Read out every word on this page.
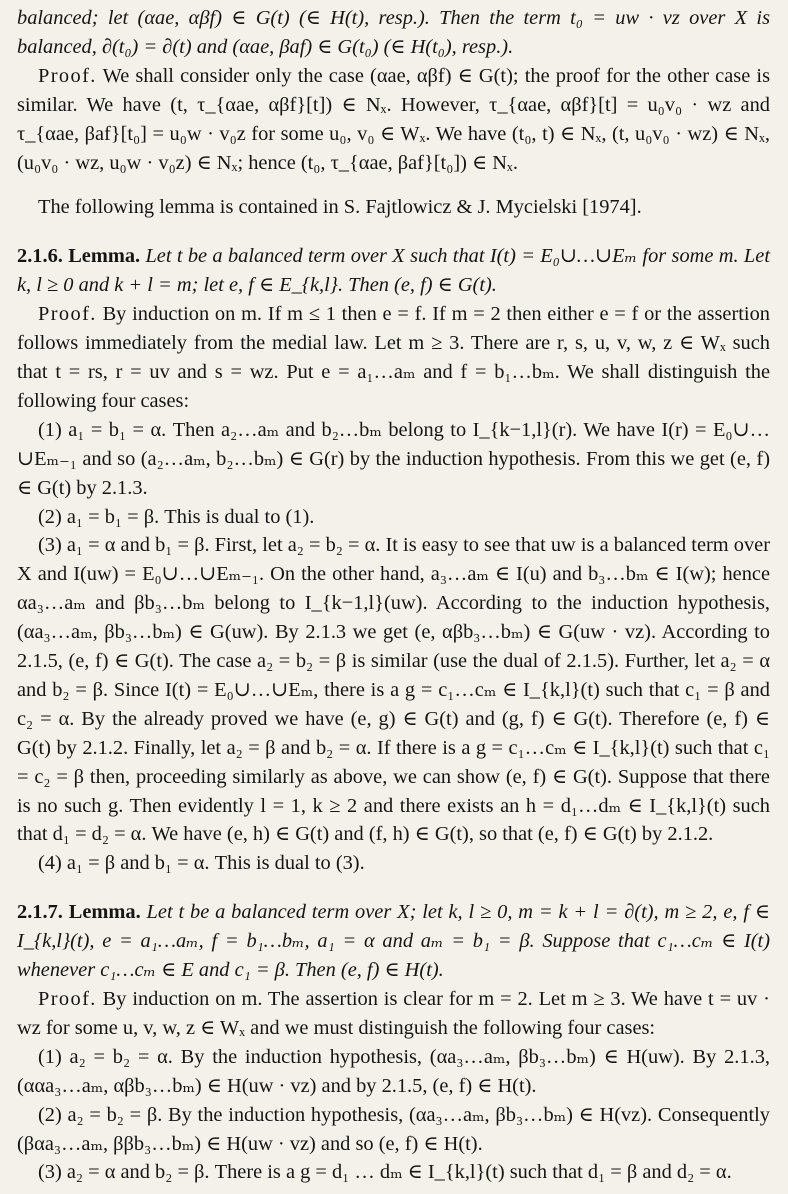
balanced; let (αae, αβf) ∈ G(t) (∈ H(t), resp.). Then the term t₀ = uw · vz over X is balanced, ∂(t₀) = ∂(t) and (αae, βaf) ∈ G(t₀) (∈ H(t₀), resp.).

Proof. We shall consider only the case (αae, αβf) ∈ G(t); the proof for the other case is similar. We have (t, τ_{αae, αβf}[t]) ∈ Nₓ. However, τ_{αae, αβf}[t] = u₀v₀ · wz and τ_{αae, βaf}[t₀] = u₀w · v₀z for some u₀, v₀ ∈ Wₓ. We have (t₀, t) ∈ Nₓ, (t, u₀v₀ · wz) ∈ Nₓ, (u₀v₀ · wz, u₀w · v₀z) ∈ Nₓ; hence (t₀, τ_{αae, βaf}[t₀]) ∈ Nₓ.

The following lemma is contained in S. Fajtlowicz & J. Mycielski [1974].

2.1.6. Lemma. Let t be a balanced term over X such that I(t) = E₀∪…∪Eₘ for some m. Let k, l ≥ 0 and k + l = m; let e, f ∈ E_{k,l}. Then (e, f) ∈ G(t).

Proof. By induction on m. If m ≤ 1 then e = f. If m = 2 then either e = f or the assertion follows immediately from the medial law. Let m ≥ 3. There are r, s, u, v, w, z ∈ Wₓ such that t = rs, r = uv and s = wz. Put e = a₁…aₘ and f = b₁…bₘ. We shall distinguish the following four cases:

(1) a₁ = b₁ = α. Then a₂…aₘ and b₂…bₘ belong to I_{k−1,l}(r). We have I(r) = E₀∪…∪Eₘ₋₁ and so (a₂…aₘ, b₂…bₘ) ∈ G(r) by the induction hypothesis. From this we get (e, f) ∈ G(t) by 2.1.3.

(2) a₁ = b₁ = β. This is dual to (1).

(3) a₁ = α and b₁ = β. First, let a₂ = b₂ = α. It is easy to see that uw is a balanced term over X and I(uw) = E₀∪…∪Eₘ₋₁. On the other hand, a₃…aₘ ∈ I(u) and b₃…bₘ ∈ I(w); hence αa₃…aₘ and βb₃…bₘ belong to I_{k−1,l}(uw). According to the induction hypothesis, (αa₃…aₘ, βb₃…bₘ) ∈ G(uw). By 2.1.3 we get (e, αβb₃…bₘ) ∈ G(uw · vz). According to 2.1.5, (e, f) ∈ G(t). The case a₂ = b₂ = β is similar (use the dual of 2.1.5). Further, let a₂ = α and b₂ = β. Since I(t) = E₀∪…∪Eₘ, there is a g = c₁…cₘ ∈ I_{k,l}(t) such that c₁ = β and c₂ = α. By the already proved we have (e, g) ∈ G(t) and (g, f) ∈ G(t). Therefore (e, f) ∈ G(t) by 2.1.2. Finally, let a₂ = β and b₂ = α. If there is a g = c₁…cₘ ∈ I_{k,l}(t) such that c₁ = c₂ = β then, proceeding similarly as above, we can show (e, f) ∈ G(t). Suppose that there is no such g. Then evidently l = 1, k ≥ 2 and there exists an h = d₁…dₘ ∈ I_{k,l}(t) such that d₁ = d₂ = α. We have (e, h) ∈ G(t) and (f, h) ∈ G(t), so that (e, f) ∈ G(t) by 2.1.2.

(4) a₁ = β and b₁ = α. This is dual to (3).

2.1.7. Lemma. Let t be a balanced term over X; let k, l ≥ 0, m = k + l = ∂(t), m ≥ 2, e, f ∈ I_{k,l}(t), e = a₁…aₘ, f = b₁…bₘ, a₁ = α and aₘ = b₁ = β. Suppose that c₁…cₘ ∈ I(t) whenever c₁…cₘ ∈ E and c₁ = β. Then (e, f) ∈ H(t).

Proof. By induction on m. The assertion is clear for m = 2. Let m ≥ 3. We have t = uv · wz for some u, v, w, z ∈ Wₓ and we must distinguish the following four cases:

(1) a₂ = b₂ = α. By the induction hypothesis, (αa₃…aₘ, βb₃…bₘ) ∈ H(uw). By 2.1.3, (ααa₃…aₘ, αβb₃…bₘ) ∈ H(uw · vz) and by 2.1.5, (e, f) ∈ H(t).

(2) a₂ = b₂ = β. By the induction hypothesis, (αa₃…aₘ, βb₃…bₘ) ∈ H(vz). Consequently (βαa₃…aₘ, ββb₃…bₘ) ∈ H(uw · vz) and so (e, f) ∈ H(t).

(3) a₂ = α and b₂ = β. There is a g = d₁ … dₘ ∈ I_{k,l}(t) such that d₁ = β and d₂ = α.
